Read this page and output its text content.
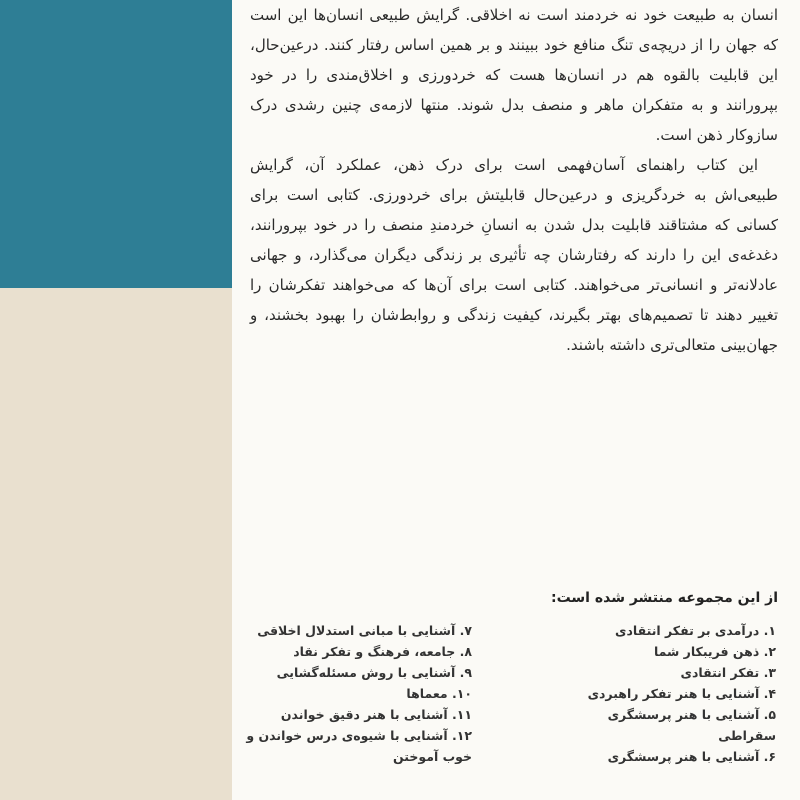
انسان به طبیعت خود نه خردمند است نه اخلاقی. گرایش طبیعی انسان‌ها این است که جهان را از دریچه‌ی تنگ منافع خود ببینند و بر همین اساس رفتار کنند. درعین‌حال، این قابلیت بالقوه هم در انسان‌ها هست که خردورزی و اخلاق‌مندی را در خود بپرورانند و به متفکران ماهر و منصف بدل شوند. منتها لازمه‌ی چنین رشدی درک سازوکار ذهن است.

این کتاب راهنمای آسان‌فهمی است برای درک ذهن، عملکرد آن، گرایش طبیعی‌اش به خردگریزی و درعین‌حال قابلیتش برای خردورزی. کتابی است برای کسانی که مشتاقند قابلیت بدل شدن به انسانِ خردمندِ منصف را در خود بپرورانند، دغدغه‌ی این را دارند که رفتارشان چه تأثیری بر زندگی دیگران می‌گذارد، و جهانی عادلانه‌تر و انسانی‌تر می‌خواهند. کتابی است برای آن‌ها که می‌خواهند تفکرشان را تغییر دهند تا تصمیم‌های بهتر بگیرند، کیفیت زندگی و روابط‌شان را بهبود بخشند، و جهان‌بینی متعالی‌تری داشته باشند.

از این مجموعه منتشر شده است:
۱. درآمدی بر تفکر انتقادی
۲. ذهن فریبکار شما
۳. تفکر انتقادی
۴. آشنایی با هنر تفکر راهبردی
۵. آشنایی با هنر پرسشگری سقراطی
۶. آشنایی با هنر پرسشگری
۷. آشنایی با مبانی استدلال اخلاقی
۸. جامعه، فرهنگ و تفکر نقاد
۹. آشنایی با روش مسئله‌گشایی
۱۰. معماها
۱۱. آشنایی با هنر دقیق خواندن
۱۲. آشنایی با شیوه‌ی درس خواندن و خوب آموختن
